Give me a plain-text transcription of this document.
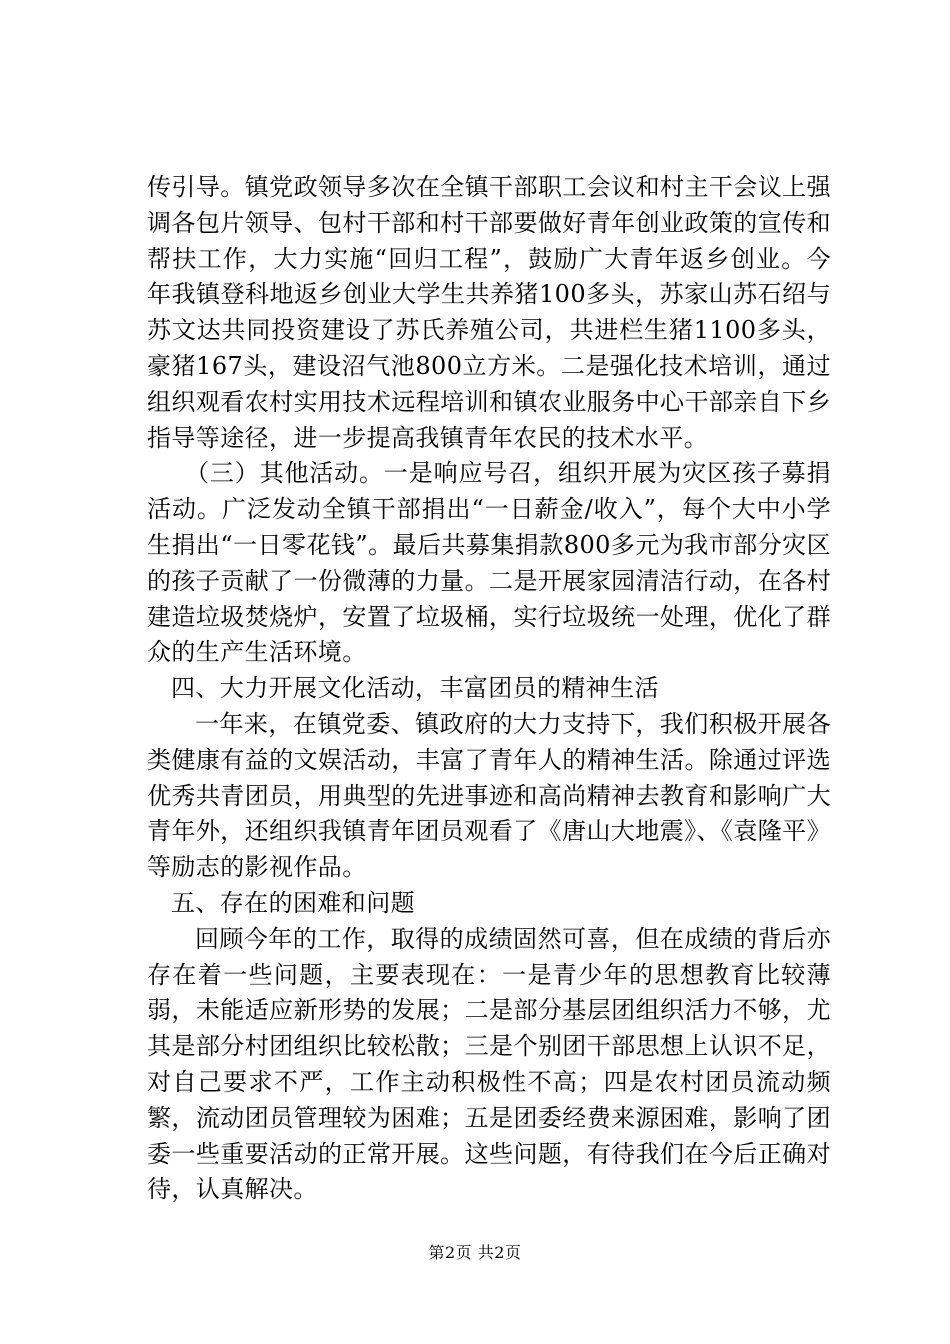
传引导。镇党政领导多次在全镇干部职工会议和村主干会议上强调各包片领导、包村干部和村干部要做好青年创业政策的宣传和帮扶工作，大力实施“回归工程”，鼓励广大青年返乡创业。今年我镇登科地返乡创业大学生共养猪100多头，苏家山苏石绍与苏文达共同投资建设了苏氏养殖公司，共进栏生猪1100多头，豪猪167头，建设沼气池800立方米。二是强化技术培训，通过组织观看农村实用技术远程培训和镇农业服务中心干部亲自下乡指导等途径，进一步提高我镇青年农民的技术水平。

（三）其他活动。一是响应号召，组织开展为灾区孩子募捐活动。广泛发动全镇干部捐出“一日薪金/收入”，每个大中小学生捐出“一日零花钱”。最后共募集捐款800多元为我市部分灾区的孩子贡献了一份微薄的力量。二是开展家园清洁行动，在各村建造垃圾焚烧炉，安置了垃圾桶，实行垃圾统一处理，优化了群众的生产生活环境。

四、大力开展文化活动，丰富团员的精神生活

一年来，在镇党委、镇政府的大力支持下，我们积极开展各类健康有益的文娱活动，丰富了青年人的精神生活。除通过评选优秀共青团员，用典型的先进事迹和高尚精神去教育和影响广大青年外，还组织我镇青年团员观看了《唐山大地震》、《袁隆平》等励志的影视作品。

五、存在的困难和问题

回顾今年的工作，取得的成绩固然可喜，但在成绩的背后亦存在着一些问题，主要表现在：一是青少年的思想教育比较薄弱，未能适应新形势的发展；二是部分基层团组织活力不够，尤其是部分村团组织比较松散；三是个别团干部思想上认识不足，对自己要求不严，工作主动积极性不高；四是农村团员流动频繁，流动团员管理较为困难；五是团委经费来源困难，影响了团委一些重要活动的正常开展。这些问题，有待我们在今后正确对待，认真解决。

第2页 共2页
